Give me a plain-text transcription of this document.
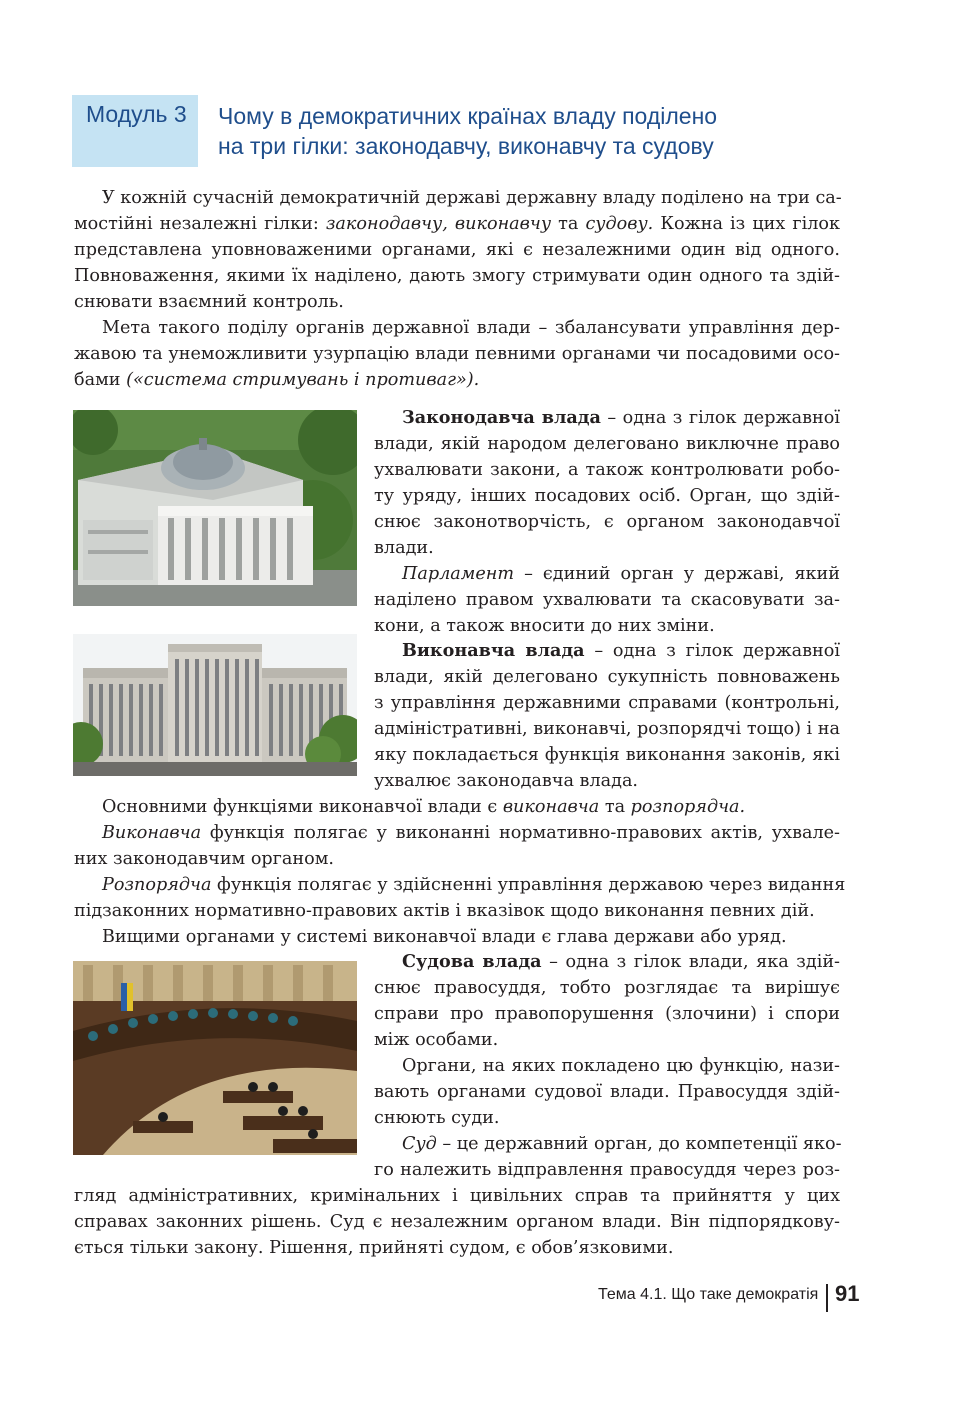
Модуль 3 Чому в демократичних країнах владу поділено
на три гілки: законодавчу, виконавчу та судову
У кожній сучасній демократичній державі державну владу поділено на три са-
мостійні незалежні гілки: законодавчу, виконавчу та судову. Кожна із цих гілок
представлена уповноваженими органами, які є незалежними один від одного.
Повноваження, якими їх наділено, дають змогу стримувати один одного та здій-
снювати взаємний контроль.
Мета такого поділу органів державної влади – збалансувати управління дер-
жавою та унеможливити узурпацію влади певними органами чи посадовими осо-
бами («система стримувань і противаг»).
Законодавча влада – одна з гілок державної
влади, якій народом делеговано виключне право
ухвалювати закони, а також контролювати робо-
ту уряду, інших посадових осіб. Орган, що здій-
снює законотворчість, є органом законодавчої
влади.
Парламент – єдиний орган у державі, який
наділено правом ухвалювати та скасовувати за-
кони, а також вносити до них зміни.
Виконавча влада – одна з гілок державної
влади, якій делеговано сукупність повноважень
з управління державними справами (контрольні,
адміністративні, виконавчі, розпорядчі тощо) і на
яку покладається функція виконання законів, які
ухвалює законодавча влада.
Основними функціями виконавчої влади є виконавча та розпорядча.
Виконавча функція полягає у виконанні нормативно-правових актів, ухвале-
них законодавчим органом.
Розпорядча функція полягає у здійсненні управління державою через видання
підзаконних нормативно-правових актів і вказівок щодо виконання певних дій.
Вищими органами у системі виконавчої влади є глава держави або уряд.
Судова влада – одна з гілок влади, яка здій-
снює правосуддя, тобто розглядає та вирішує
справи про правопорушення (злочини) і спори
між особами.
Органи, на яких покладено цю функцію, нази-
вають органами судової влади. Правосуддя здій-
снюють суди.
Суд – це державний орган, до компетенції яко-
го належить відправлення правосуддя через роз-
гляд адміністративних, кримінальних і цивільних справ та прийняття у цих
справах законних рішень. Суд є незалежним органом влади. Він підпорядкову-
ється тільки закону. Рішення, прийняті судом, є обов’язковими.
Тема 4.1. Що таке демократія 91
